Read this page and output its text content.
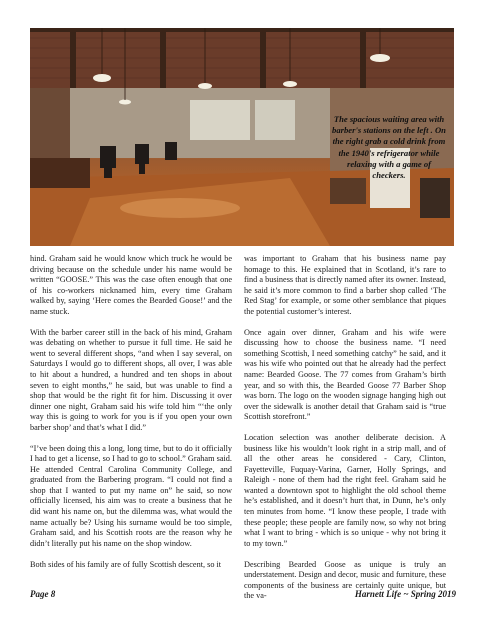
The spacious waiting area with barber's stations on the left . On the right grab a cold drink from the 1940's refrigerator while relaxing with a game of checkers.

hind. Graham said he would know which truck he would be driving because on the schedule under his name would be written “GOOSE.” This was the case often enough that one of his co-workers nicknamed him, every time Graham walked by, saying ‘Here comes the Bearded Goose!’ and the name stuck.

With the barber career still in the back of his mind, Graham was debating on whether to pursue it full time. He said he went to several different shops, “and when I say several, on Saturdays I would go to different shops, all over, I was able to hit about a hundred, a hundred and ten shops in about seven to eight months,” he said, but was unable to find a shop that would be the right fit for him. Discussing it over dinner one night, Graham said his wife told him “‘the only way this is going to work for you is if you open your own barber shop’ and that’s what I did.”

“I’ve been doing this a long, long time, but to do it officially I had to get a license, so I had to go to school.” Graham said. He attended Central Carolina Community College, and graduated from the Barbering program. “I could not find a shop that I wanted to put my name on” he said, so now officially licensed, his aim was to create a business that he did want his name on, but the dilemma was, what would the name actually be? Using his surname would be too simple, Graham said, and his Scottish roots are the reason why he didn’t literally put his name on the shop window.

Both sides of his family are of fully Scottish descent, so it

was important to Graham that his business name pay homage to this. He explained that in Scotland, it’s rare to find a business that is directly named after its owner. Instead, he said it’s more common to find a barber shop called ‘The Red Stag’ for example, or some other semblance that piques the potential customer’s interest.

Once again over dinner, Graham and his wife were discussing how to choose the business name. “I need something Scottish, I need something catchy” he said, and it was his wife who pointed out that he already had the perfect name: Bearded Goose. The 77 comes from Graham’s birth year, and so with this, the Bearded Goose 77 Barber Shop was born. The logo on the wooden signage hanging high out over the sidewalk is another detail that Graham said is “true Scottish storefront.”

Location selection was another deliberate decision. A business like his wouldn’t look right in a strip mall, and of all the other areas he considered - Cary, Clinton, Fayetteville, Fuquay-Varina, Garner, Holly Springs, and Raleigh - none of them had the right feel. Graham said he wanted a downtown spot to highlight the old school theme he’s established, and it doesn’t hurt that, in Dunn, he’s only ten minutes from home. “I know these people, I trade with these people; these people are family now, so why not bring what I want to bring - which is so unique - why not bring it to my town.”

Describing Bearded Goose as unique is truly an understatement. Design and decor, music and furniture, these components of the business are certainly quite unique, but the va-

Page 8	Harnett Life ~ Spring 2019
